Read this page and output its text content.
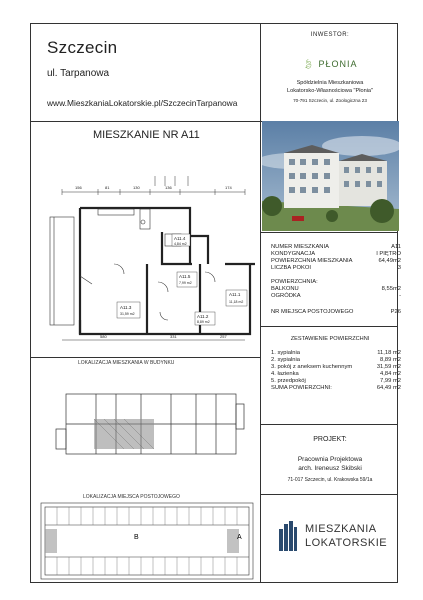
Szczecin
ul. Tarpanowa
www.MieszkaniaLokatorskie.pl/SzczecinTarpanowa
MIESZKANIE NR A11
A11.4
4,84 m2
A11.5
7,99 m2
A11.3
31,59 m2	A11.2
8,89 m2
A11.1
11,18 m2
156	81	130	136	174
580	331	257
LOKALIZACJA MIESZKANIA W BUDYNKU
LOKALIZACJA MIEJSCA POSTOJOWEGO
B	A
INWESTOR:
🍃︎ PŁONIA
Spółdzielnia Mieszkaniowa
Lokatorsko-Własnościowa "Płonia"
70-791 Szczecin, ul. Zoologiczna 23
NUMER MIESZKANIA	A11
KONDYGNACJA	I PIĘTRO
POWIERZCHNIA MIESZKANIA	64,49m2
LICZBA POKOI	3
POWIERZCHNIA:
BALKONU	8,55m2
OGRÓDKA	-
NR MIEJSCA POSTOJOWEGO	P26
ZESTAWIENIE POWIERZCHNI
1. sypialnia	11,18 m2
2. sypialnia	8,89 m2
3. pokój z aneksem kuchennym	31,59 m2
4. łazienka	4,84 m2
5. przedpokój	7,99 m2
SUMA POWIERZCHNI:	64,49 m2
PROJEKT:
Pracownia Projektowa
arch. Ireneusz Skibski
71-017 Szczecin, ul. Krakowska 59/1a
MIESZKANIA
LOKATORSKIE
